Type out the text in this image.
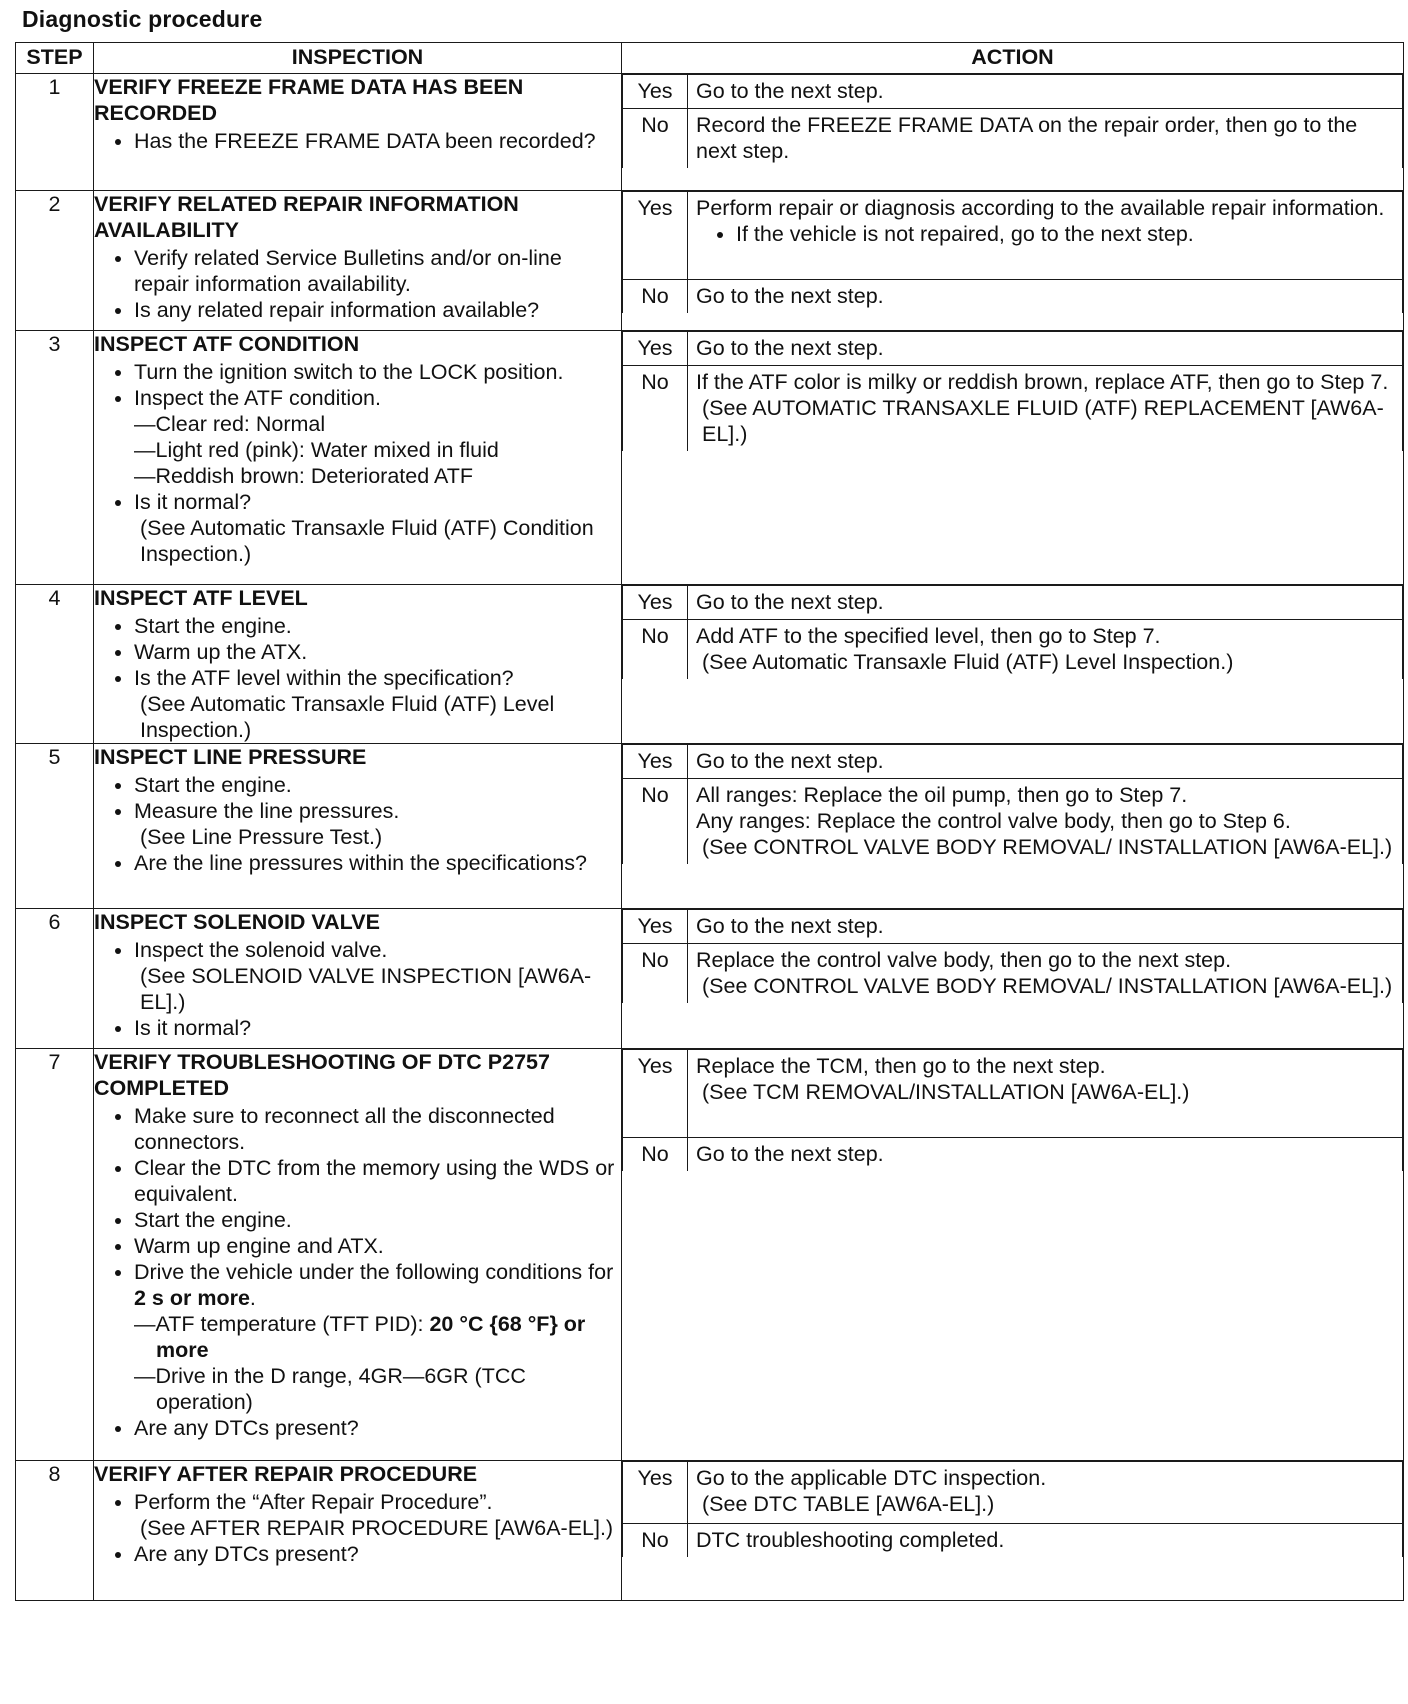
Diagnostic procedure
STEP	INSPECTION	ACTION
1	VERIFY FREEZE FRAME DATA HAS BEEN RECORDED
• Has the FREEZE FRAME DATA been recorded?

Yes	Go to the next step.
No	Record the FREEZE FRAME DATA on the repair order, then go to the next step.

2	VERIFY RELATED REPAIR INFORMATION AVAILABILITY
• Verify related Service Bulletins and/or on-line repair information availability.
• Is any related repair information available?

Yes	Perform repair or diagnosis according to the available repair information.
• If the vehicle is not repaired, go to the next step.

No	Go to the next step.

3	INSPECT ATF CONDITION
• Turn the ignition switch to the LOCK position.
• Inspect the ATF condition.
— Clear red: Normal
— Light red (pink): Water mixed in fluid
— Reddish brown: Deteriorated ATF
• Is it normal?
(See Automatic Transaxle Fluid (ATF) Condition Inspection.)

Yes	Go to the next step.
No	If the ATF color is milky or reddish brown, replace ATF, then go to Step 7.
(See AUTOMATIC TRANSAXLE FLUID (ATF) REPLACEMENT [AW6A-EL].)

4	INSPECT ATF LEVEL
• Start the engine.
• Warm up the ATX.
• Is the ATF level within the specification?
(See Automatic Transaxle Fluid (ATF) Level Inspection.)

Yes	Go to the next step.
No	Add ATF to the specified level, then go to Step 7.
(See Automatic Transaxle Fluid (ATF) Level Inspection.)

5	INSPECT LINE PRESSURE
• Start the engine.
• Measure the line pressures.
(See Line Pressure Test.)
• Are the line pressures within the specifications?

Yes	Go to the next step.
No	All ranges: Replace the oil pump, then go to Step 7.
Any ranges: Replace the control valve body, then go to Step 6.
(See CONTROL VALVE BODY REMOVAL/ INSTALLATION [AW6A-EL].)

6	INSPECT SOLENOID VALVE
• Inspect the solenoid valve.
(See SOLENOID VALVE INSPECTION [AW6A-EL].)
• Is it normal?

Yes	Go to the next step.
No	Replace the control valve body, then go to the next step.
(See CONTROL VALVE BODY REMOVAL/ INSTALLATION [AW6A-EL].)

7	VERIFY TROUBLESHOOTING OF DTC P2757 COMPLETED
• Make sure to reconnect all the disconnected connectors.
• Clear the DTC from the memory using the WDS or equivalent.
• Start the engine.
• Warm up engine and ATX.
• Drive the vehicle under the following conditions for 2 s or more.
— ATF temperature (TFT PID): 20 °C {68 °F} or more
— Drive in the D range, 4GR—6GR (TCC operation)
• Are any DTCs present?

Yes	Replace the TCM, then go to the next step.
(See TCM REMOVAL/INSTALLATION [AW6A-EL].)

No	Go to the next step.

8	VERIFY AFTER REPAIR PROCEDURE
• Perform the “After Repair Procedure”.
(See AFTER REPAIR PROCEDURE [AW6A-EL].)
• Are any DTCs present?

Yes	Go to the applicable DTC inspection.
(See DTC TABLE [AW6A-EL].)

No	DTC troubleshooting completed.
